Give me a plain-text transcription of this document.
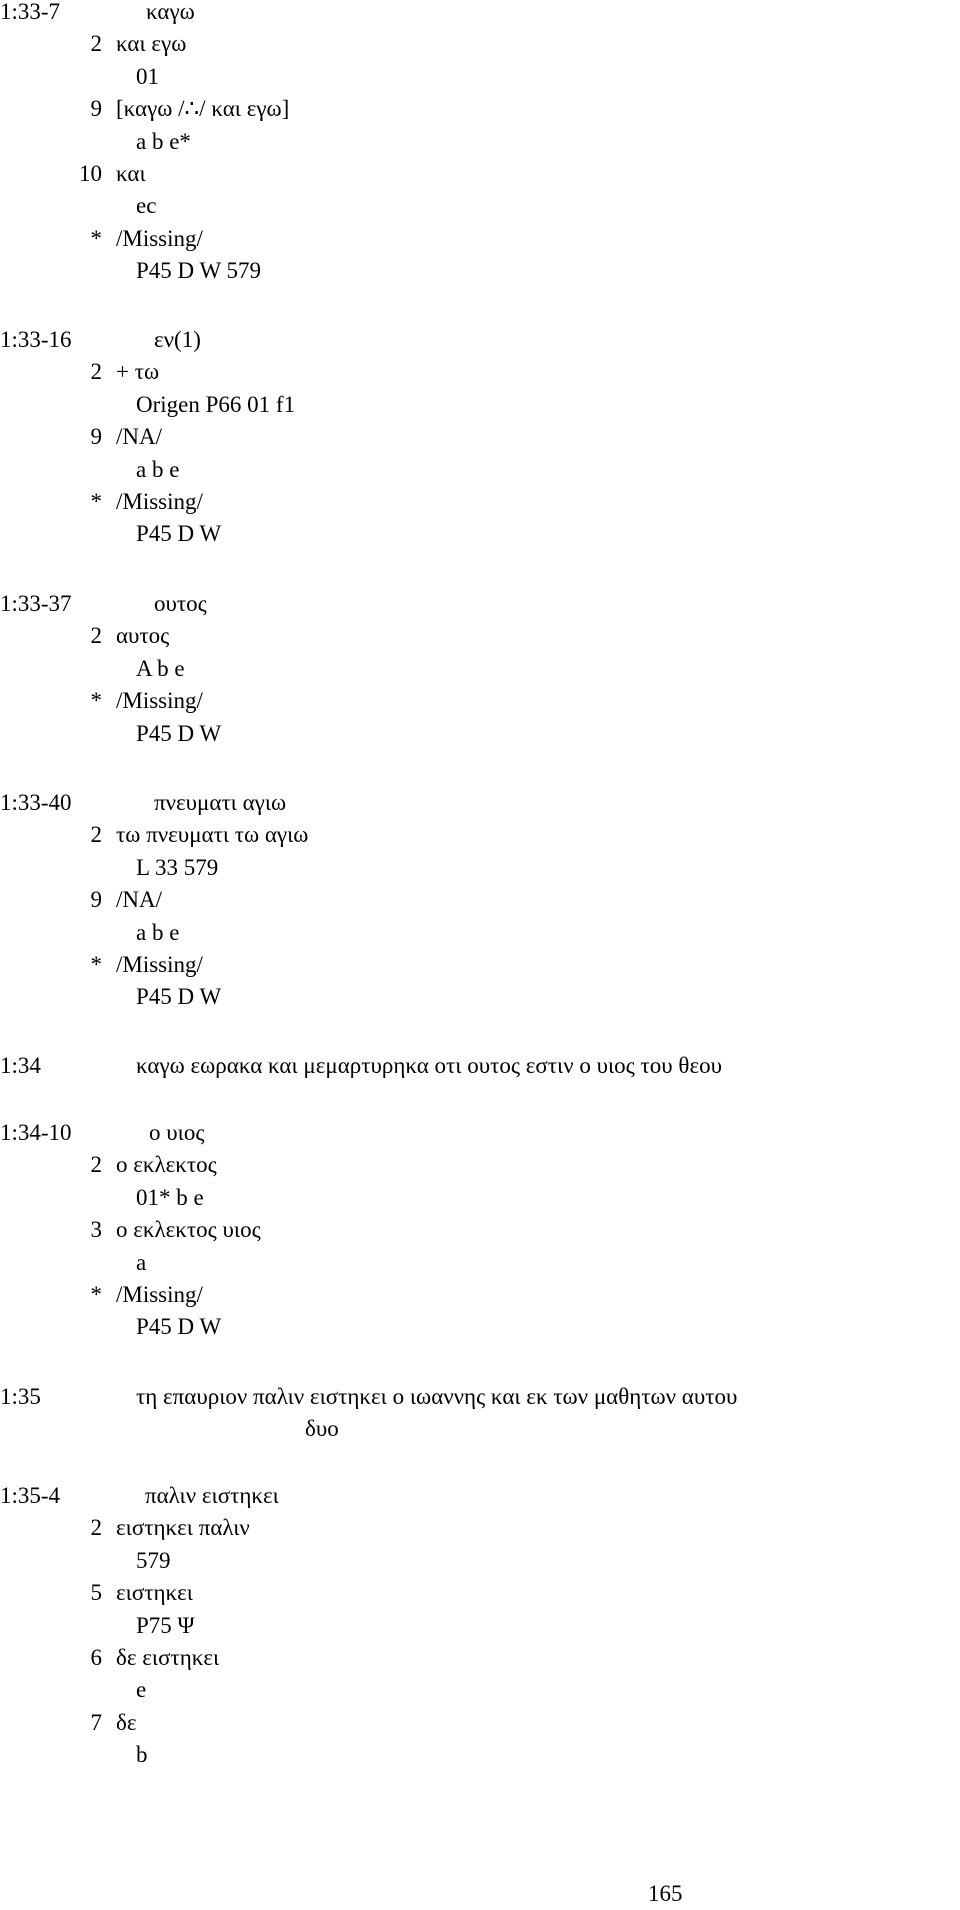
1:33-7	καγω
2 και εγω
01
9 [καγω /∴/ και εγω]
a b e*
10 και
ec
* /Missing/
P45 D W 579
1:33-16	εν(1)
2 + τω
Origen P66 01 f1
9 /NA/
a b e
* /Missing/
P45 D W
1:33-37	ουτος
2 αυτος
A b e
* /Missing/
P45 D W
1:33-40	πνευματι αγιω
2 τω πνευματι τω αγιω
L 33 579
9 /NA/
a b e
* /Missing/
P45 D W
1:34	καγω εωρακα και μεμαρτυρηκα οτι ουτος εστιν ο υιος του θεου
1:34-10	ο υιος
2 ο εκλεκτος
01* b e
3 ο εκλεκτος υιος
a
* /Missing/
P45 D W
1:35	τη επαυριον παλιν ειστηκει ο ιωαννης και εκ των μαθητων αυτου
δυο
1:35-4	παλιν ειστηκει
2 ειστηκει παλιν
579
5 ειστηκει
P75 Ψ
6 δε ειστηκει
e
7 δε
b
165
